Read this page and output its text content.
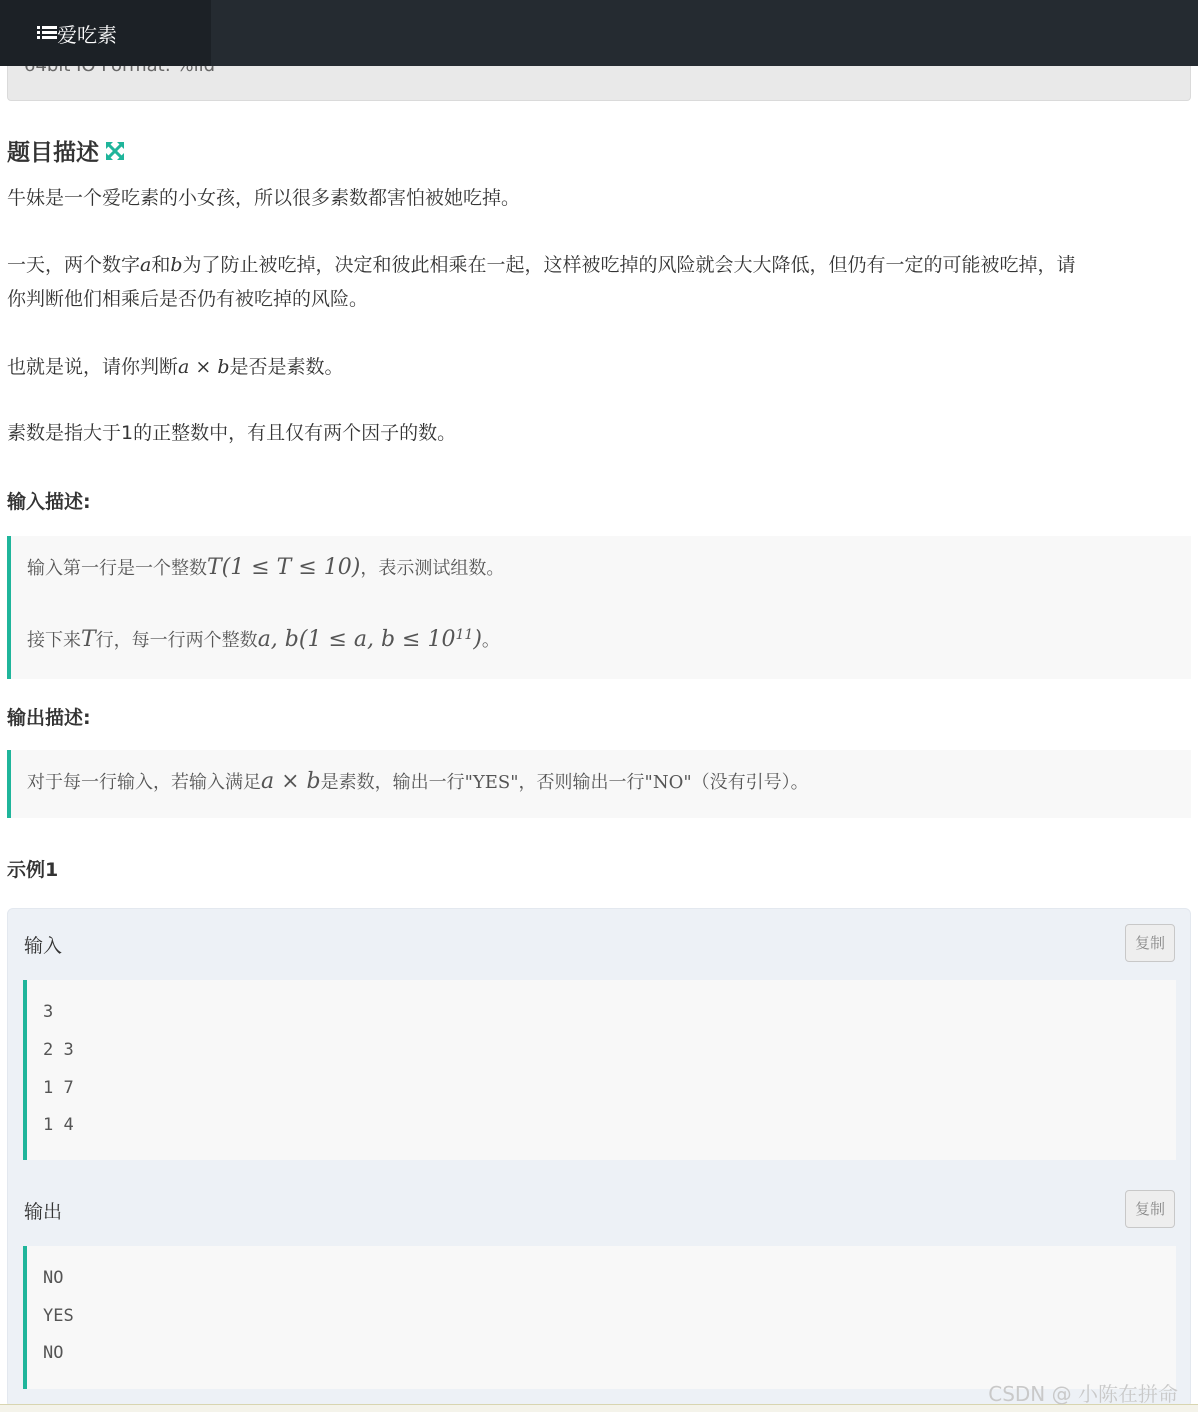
爱吃素
题目描述
牛妹是一个爱吃素的小女孩，所以很多素数都害怕被她吃掉。
一天，两个数字a和b为了防止被吃掉，决定和彼此相乘在一起，这样被吃掉的风险就会大大降低，但仍有一定的可能被吃掉，请
你判断他们相乘后是否仍有被吃掉的风险。
也就是说，请你判断a × b是否是素数。
素数是指大于1的正整数中，有且仅有两个因子的数。
输入描述:
输入第一行是一个整数T(1 ≤ T ≤ 10)，表示测试组数。
接下来T行，每一行两个整数a, b(1 ≤ a, $b \le 10^{11}$)。
输出描述:
对于每一行输入，若输入满足a × b是素数，输出一行"YES"，否则输出一行"NO"（没有引号）。
示例1
输入	复制
3
2 3
1 7
1 4
输出	复制
NO
YES
NO
CSDN @ 小陈在拼命
